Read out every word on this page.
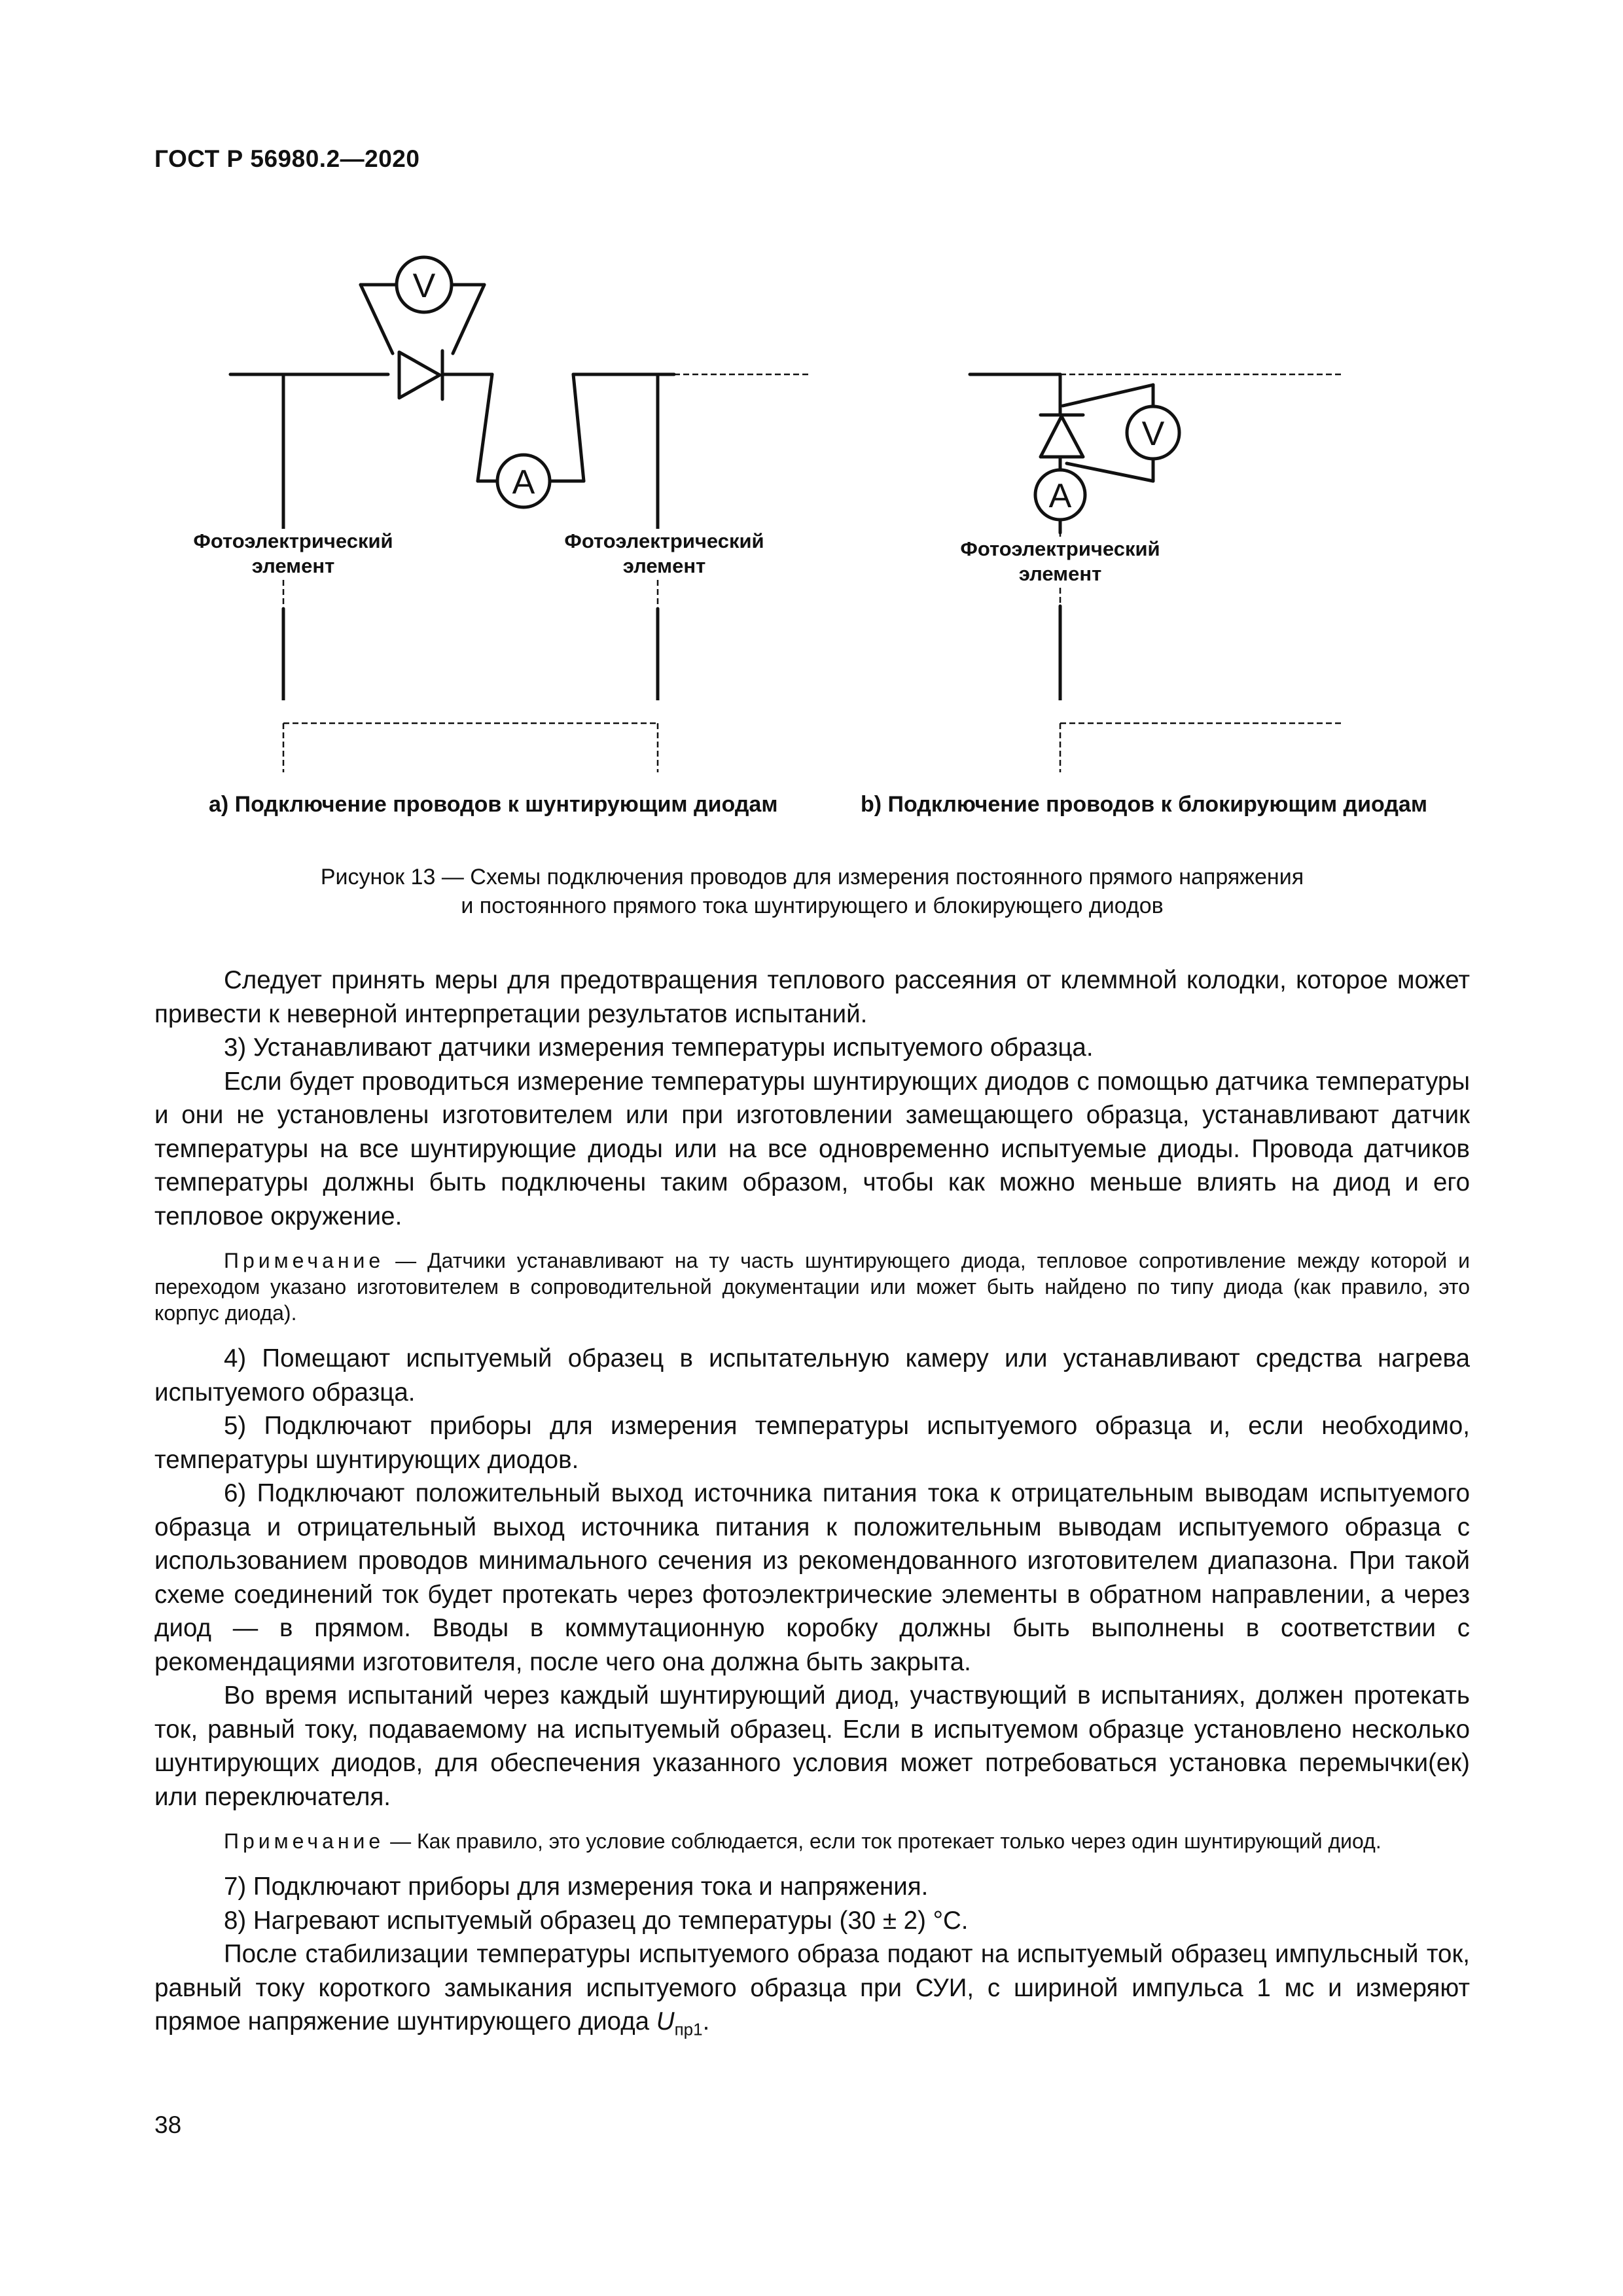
ГОСТ Р 56980.2—2020
V
A
V
A
Фотоэлектрический
элемент
Фотоэлектрический
элемент
Фотоэлектрический
элемент
а) Подключение проводов к шунтирующим диодам	b) Подключение проводов к блокирующим диодам
Рисунок 13 — Схемы подключения проводов для измерения постоянного прямого напряжения
и постоянного прямого тока шунтирующего и блокирующего диодов

Следует принять меры для предотвращения теплового рассеяния от клеммной колодки, которое может привести к неверной интерпретации результатов испытаний.

3) Устанавливают датчики измерения температуры испытуемого образца.

Если будет проводиться измерение температуры шунтирующих диодов с помощью датчика температуры и они не установлены изготовителем или при изготовлении замещающего образца, устанавливают датчик температуры на все шунтирующие диоды или на все одновременно испытуемые диоды. Провода датчиков температуры должны быть подключены таким образом, чтобы как можно меньше влиять на диод и его тепловое окружение.

Примечание — Датчики устанавливают на ту часть шунтирующего диода, тепловое сопротивление между которой и переходом указано изготовителем в сопроводительной документации или может быть найдено по типу диода (как правило, это корпус диода).

4) Помещают испытуемый образец в испытательную камеру или устанавливают средства нагрева испытуемого образца.

5) Подключают приборы для измерения температуры испытуемого образца и, если необходимо, температуры шунтирующих диодов.

6) Подключают положительный выход источника питания тока к отрицательным выводам испытуемого образца и отрицательный выход источника питания к положительным выводам испытуемого образца с использованием проводов минимального сечения из рекомендованного изготовителем диапазона. При такой схеме соединений ток будет протекать через фотоэлектрические элементы в обратном направлении, а через диод — в прямом. Вводы в коммутационную коробку должны быть выполнены в соответствии с рекомендациями изготовителя, после чего она должна быть закрыта.

Во время испытаний через каждый шунтирующий диод, участвующий в испытаниях, должен протекать ток, равный току, подаваемому на испытуемый образец. Если в испытуемом образце установлено несколько шунтирующих диодов, для обеспечения указанного условия может потребоваться установка перемычки(ек) или переключателя.

Примечание — Как правило, это условие соблюдается, если ток протекает только через один шунтирующий диод.

7) Подключают приборы для измерения тока и напряжения.

8) Нагревают испытуемый образец до температуры (30 ± 2) °С.

После стабилизации температуры испытуемого образа подают на испытуемый образец импульсный ток, равный току короткого замыкания испытуемого образца при СУИ, с шириной импульса 1 мс и измеряют прямое напряжение шунтирующего диода $U_{пр1}$.

38
